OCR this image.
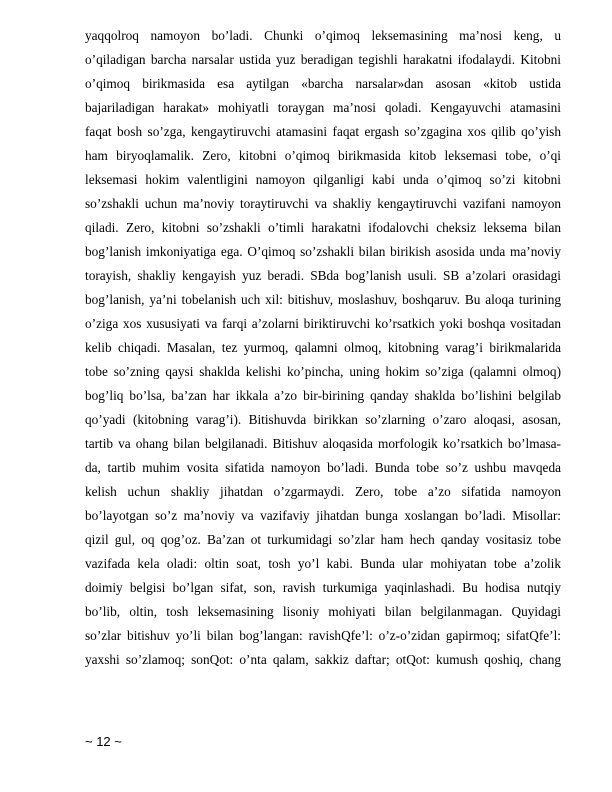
yaqqolroq namoyon bo’ladi. Chunki o’qimoq leksemasining ma’nosi keng, u
o’qiladigan barcha narsalar ustida yuz beradigan tegishli harakatni ifodalaydi. Kitobni
o’qimoq birikmasida esa aytilgan «barcha narsalar»dan asosan «kitob ustida
bajariladigan harakat» mohiyatli toraygan ma’nosi qoladi. Kengayuvchi atamasini
faqat bosh so’zga, kengaytiruvchi atamasini faqat ergash so’zgagina xos qilib qo’yish
ham biryoqlamalik. Zero, kitobni o’qimoq birikmasida kitob leksemasi tobe, o’qi
leksemasi hokim valentligini namoyon qilganligi kabi unda o’qimoq so’zi kitobni
so’zshakli uchun ma’noviy toraytiruvchi va shakliy kengaytiruvchi vazifani namoyon
qiladi. Zero, kitobni so’zshakli o’timli harakatni ifodalovchi cheksiz leksema bilan
bog’lanish imkoniyatiga ega. O’qimoq so’zshakli bilan birikish asosida unda ma’noviy
torayish, shakliy kengayish yuz beradi. SBda bog’lanish usuli. SB a’zolari orasidagi
bog’lanish, ya’ni tobelanish uch xil: bitishuv, moslashuv, boshqaruv. Bu aloqa turining
o’ziga xos xususiyati va farqi a’zolarni biriktiruvchi ko’rsatkich yoki boshqa vositadan
kelib chiqadi. Masalan, tez yurmoq, qalamni olmoq, kitobning varag’i birikmalarida
tobe so’zning qaysi shaklda kelishi ko’pincha, uning hokim so’ziga (qalamni olmoq)
bog’liq bo’lsa, ba’zan har ikkala a’zo bir-birining qanday shaklda bo’lishini belgilab
qo’yadi (kitobning varag’i). Bitishuvda birikkan so’zlarning o’zaro aloqasi, asosan,
tartib va ohang bilan belgilanadi. Bitishuv aloqasida morfologik ko’rsatkich bo’lmasa-
da, tartib muhim vosita sifatida namoyon bo’ladi. Bunda tobe so’z ushbu mavqeda
kelish uchun shakliy jihatdan o’zgarmaydi. Zero, tobe a’zo sifatida namoyon
bo’layotgan so’z ma’noviy va vazifaviy jihatdan bunga xoslangan bo’ladi. Misollar:
qizil gul, oq qog’oz. Ba’zan ot turkumidagi so’zlar ham hech qanday vositasiz tobe
vazifada kela oladi: oltin soat, tosh yo’l kabi. Bunda ular mohiyatan tobe a’zolik
doimiy belgisi bo’lgan sifat, son, ravish turkumiga yaqinlashadi. Bu hodisa nutqiy
bo’lib, oltin, tosh leksemasining lisoniy mohiyati bilan belgilanmagan. Quyidagi
so’zlar bitishuv yo’li bilan bog’langan: ravishQfe’l: o’z-o’zidan gapirmoq; sifatQfe’l:
yaxshi so’zlamoq; sonQot: o’nta qalam, sakkiz daftar; otQot: kumush qoshiq, chang
~ 12 ~
